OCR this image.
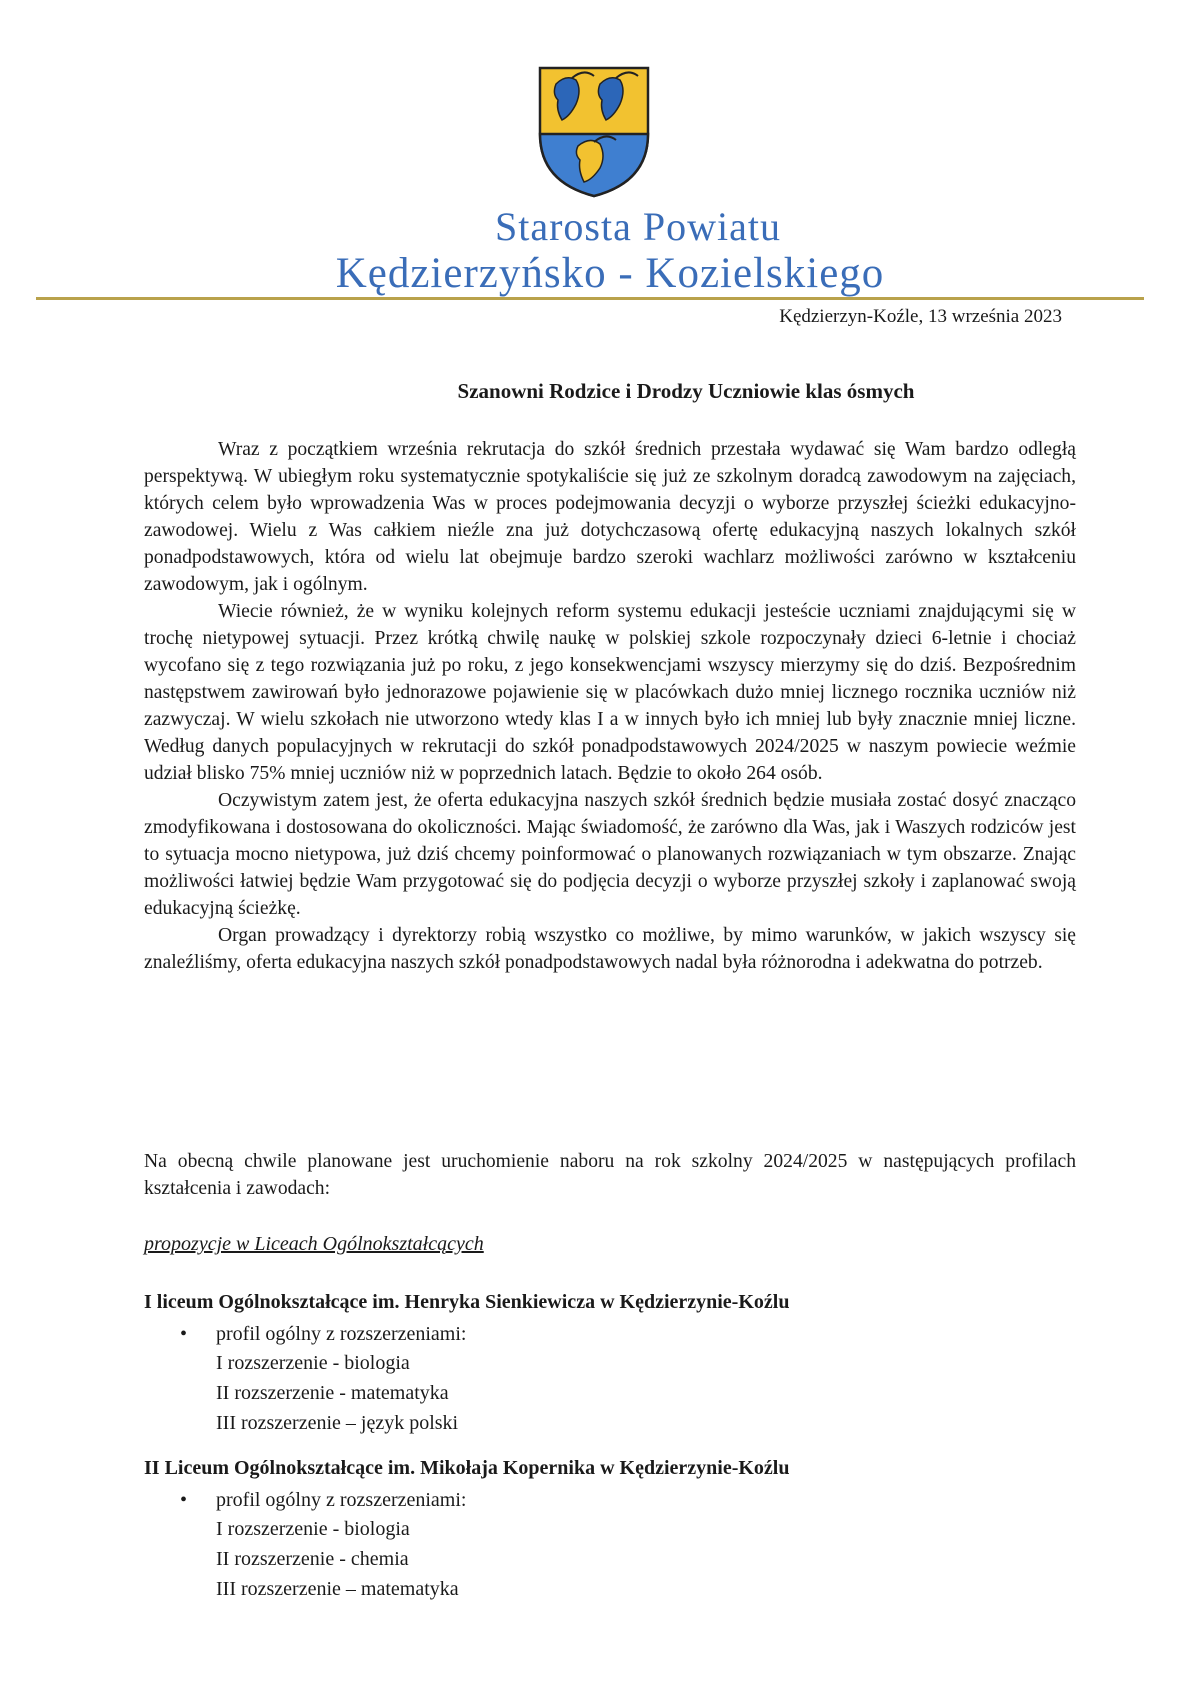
Starosta Powiatu
Kędzierzyńsko - Kozielskiego
Kędzierzyn-Koźle, 13 września 2023
Szanowni Rodzice i Drodzy Uczniowie klas ósmych

Wraz z początkiem września rekrutacja do szkół średnich przestała wydawać się Wam bardzo odległą perspektywą. W ubiegłym roku systematycznie spotykaliście się już ze szkolnym doradcą zawodowym na zajęciach, których celem było wprowadzenia Was w proces podejmowania decyzji o wyborze przyszłej ścieżki edukacyjno-zawodowej. Wielu z Was całkiem nieźle zna już dotychczasową ofertę edukacyjną naszych lokalnych szkół ponadpodstawowych, która od wielu lat obejmuje bardzo szeroki wachlarz możliwości zarówno w kształceniu zawodowym, jak i ogólnym.

Wiecie również, że w wyniku kolejnych reform systemu edukacji jesteście uczniami znajdującymi się w trochę nietypowej sytuacji. Przez krótką chwilę naukę w polskiej szkole rozpoczynały dzieci 6-letnie i chociaż wycofano się z tego rozwiązania już po roku, z jego konsekwencjami wszyscy mierzymy się do dziś. Bezpośrednim następstwem zawirowań było jednorazowe pojawienie się w placówkach dużo mniej licznego rocznika uczniów niż zazwyczaj. W wielu szkołach nie utworzono wtedy klas I a w innych było ich mniej lub były znacznie mniej liczne. Według danych populacyjnych w rekrutacji do szkół ponadpodstawowych 2024/2025 w naszym powiecie weźmie udział blisko 75% mniej uczniów niż w poprzednich latach. Będzie to około 264 osób.

Oczywistym zatem jest, że oferta edukacyjna naszych szkół średnich będzie musiała zostać dosyć znacząco zmodyfikowana i dostosowana do okoliczności. Mając świadomość, że zarówno dla Was, jak i Waszych rodziców jest to sytuacja mocno nietypowa, już dziś chcemy poinformować o planowanych rozwiązaniach w tym obszarze. Znając możliwości łatwiej będzie Wam przygotować się do podjęcia decyzji o wyborze przyszłej szkoły i zaplanować swoją edukacyjną ścieżkę.

Organ prowadzący i dyrektorzy robią wszystko co możliwe, by mimo warunków, w jakich wszyscy się znaleźliśmy, oferta edukacyjna naszych szkół ponadpodstawowych nadal była różnorodna i adekwatna do potrzeb.

Na obecną chwile planowane jest uruchomienie naboru na rok szkolny 2024/2025 w następujących profilach kształcenia i zawodach:

propozycje w Liceach Ogólnokształcących
I liceum Ogólnokształcące im. Henryka Sienkiewicza w Kędzierzynie-Koźlu
• profil ogólny z rozszerzeniami:
I rozszerzenie - biologia
II rozszerzenie - matematyka
III rozszerzenie – język polski
II Liceum Ogólnokształcące im. Mikołaja Kopernika w Kędzierzynie-Koźlu
• profil ogólny z rozszerzeniami:
I rozszerzenie - biologia
II rozszerzenie - chemia
III rozszerzenie – matematyka
